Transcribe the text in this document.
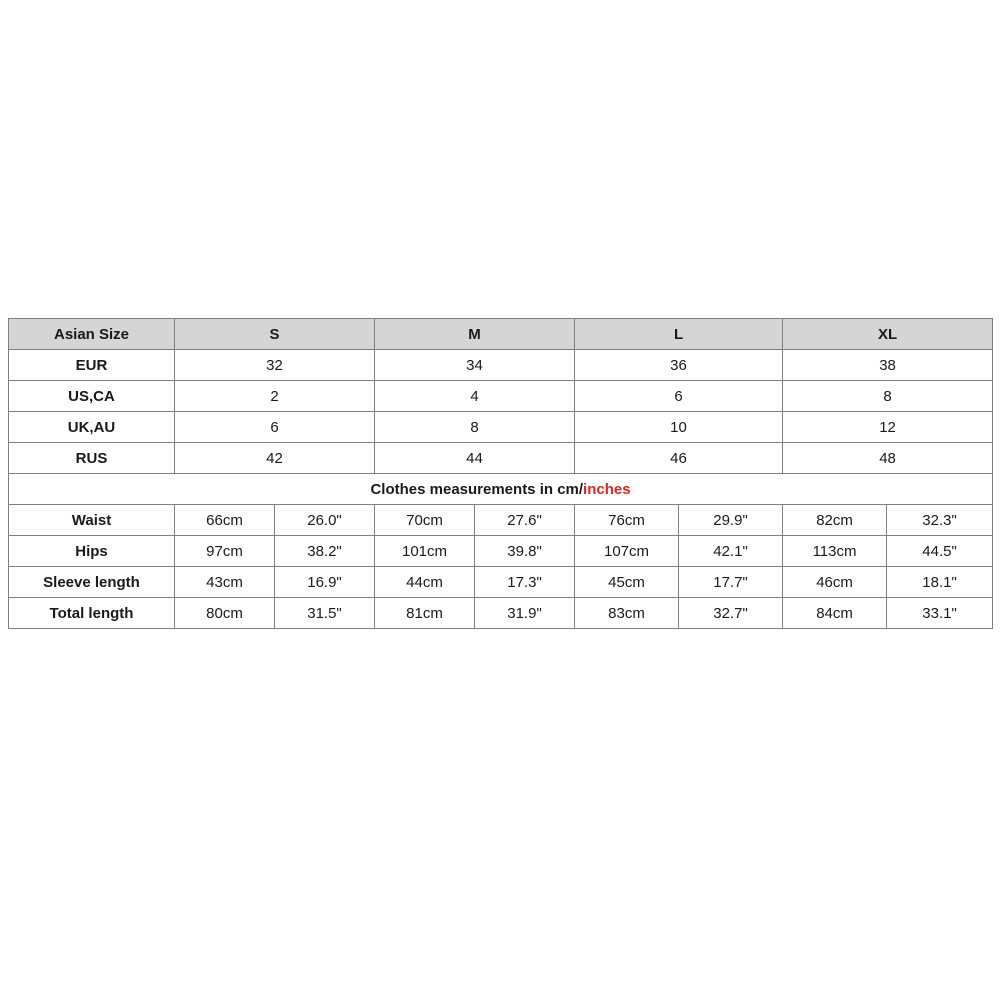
Asian Size	S		M		L		XL	
EUR	32		34		36		38	
US,CA	2		4		6		8	
UK,AU	6		8		10		12	
RUS	42		44		46		48	
Clothes measurements in cm/inches								
Waist	66cm	26.0"	70cm	27.6"	76cm	29.9"	82cm	32.3"
Hips	97cm	38.2"	101cm	39.8"	107cm	42.1"	113cm	44.5"
Sleeve length	43cm	16.9"	44cm	17.3"	45cm	17.7"	46cm	18.1"
Total length	80cm	31.5"	81cm	31.9"	83cm	32.7"	84cm	33.1"
